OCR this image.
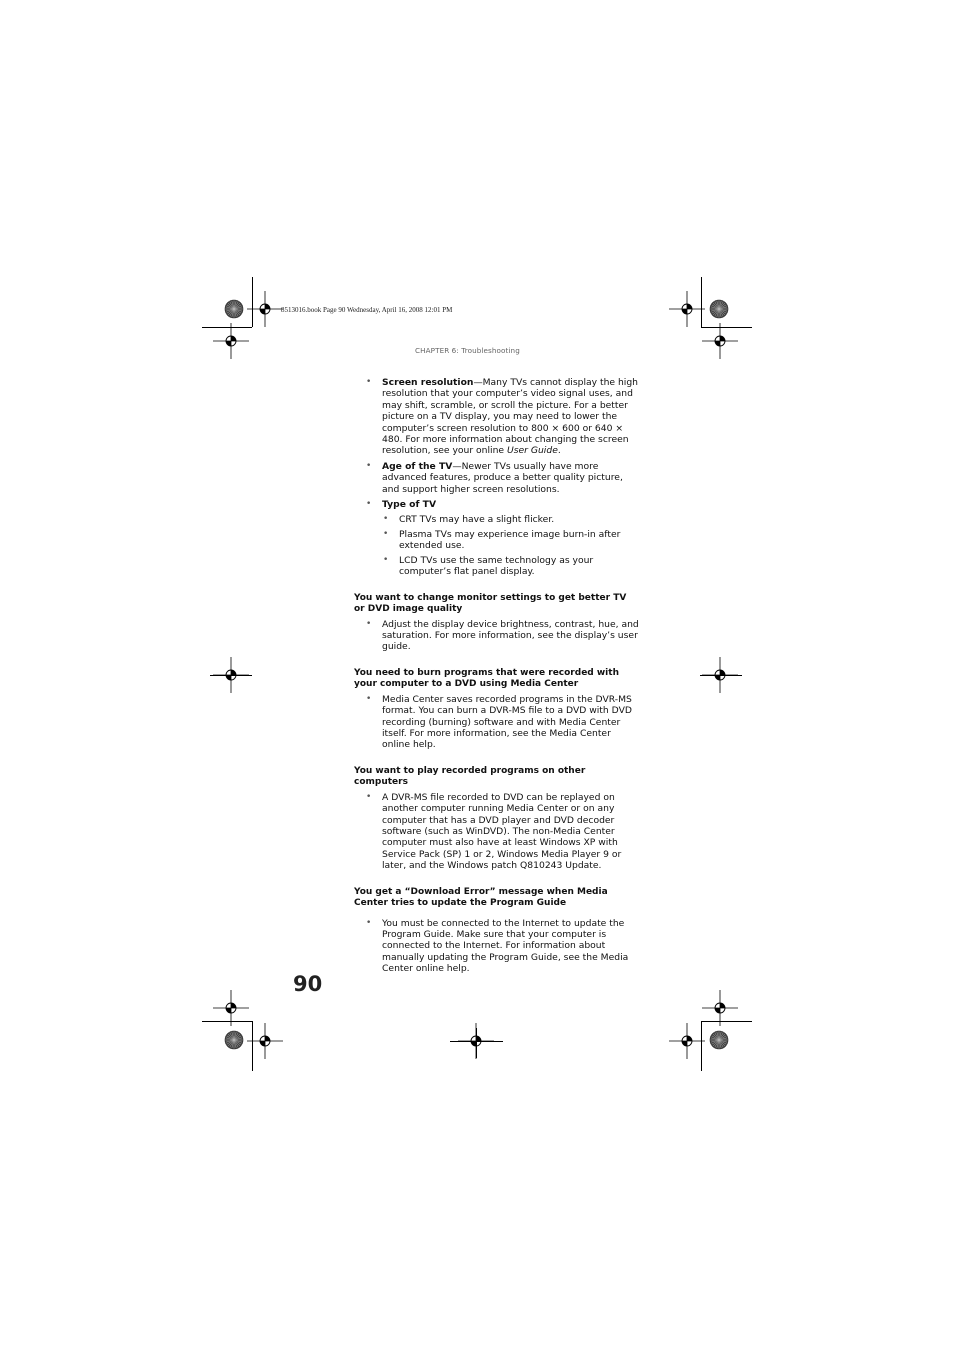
8513016.book Page 90 Wednesday, April 16, 2008 12:01 PM
CHAPTER 6: Troubleshooting
• Screen resolution—Many TVs cannot display the high resolution that your computer’s video signal uses, and may shift, scramble, or scroll the picture. For a better picture on a TV display, you may need to lower the computer’s screen resolution to 800 × 600 or 640 × 480. For more information about changing the screen resolution, see your online User Guide.
• Age of the TV—Newer TVs usually have more advanced features, produce a better quality picture, and support higher screen resolutions.
• Type of TV
• CRT TVs may have a slight flicker.
• Plasma TVs may experience image burn-in after extended use.
• LCD TVs use the same technology as your computer’s flat panel display.
You want to change monitor settings to get better TV or DVD image quality
• Adjust the display device brightness, contrast, hue, and saturation. For more information, see the display’s user guide.
You need to burn programs that were recorded with your computer to a DVD using Media Center
• Media Center saves recorded programs in the DVR-MS format. You can burn a DVR-MS file to a DVD with DVD recording (burning) software and with Media Center itself. For more information, see the Media Center online help.
You want to play recorded programs on other computers
• A DVR-MS file recorded to DVD can be replayed on another computer running Media Center or on any computer that has a DVD player and DVD decoder software (such as WinDVD). The non-Media Center computer must also have at least Windows XP with Service Pack (SP) 1 or 2, Windows Media Player 9 or later, and the Windows patch Q810243 Update.
You get a “Download Error” message when Media Center tries to update the Program Guide
• You must be connected to the Internet to update the Program Guide. Make sure that your computer is connected to the Internet. For information about manually updating the Program Guide, see the Media Center online help.
90
